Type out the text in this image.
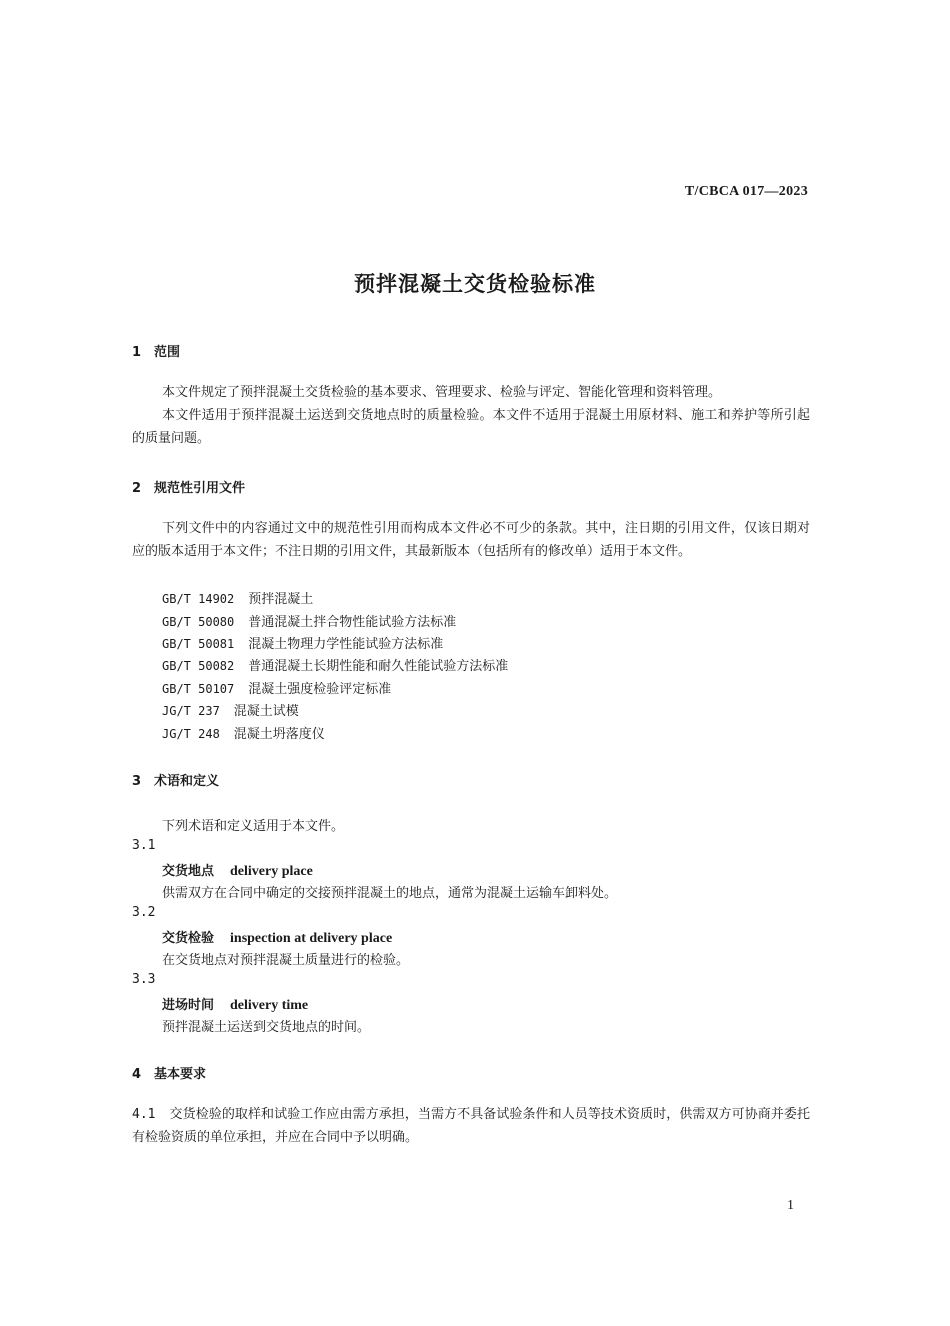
T/CBCA 017—2023
预拌混凝土交货检验标准
1 范围
本文件规定了预拌混凝土交货检验的基本要求、管理要求、检验与评定、智能化管理和资料管理。
本文件适用于预拌混凝土运送到交货地点时的质量检验。本文件不适用于混凝土用原材料、施工和养护等所引起的质量问题。
2 规范性引用文件
下列文件中的内容通过文中的规范性引用而构成本文件必不可少的条款。其中，注日期的引用文件，仅该日期对应的版本适用于本文件；不注日期的引用文件，其最新版本（包括所有的修改单）适用于本文件。
GB/T 14902 预拌混凝土
GB/T 50080 普通混凝土拌合物性能试验方法标准
GB/T 50081 混凝土物理力学性能试验方法标准
GB/T 50082 普通混凝土长期性能和耐久性能试验方法标准
GB/T 50107 混凝土强度检验评定标准
JG/T 237 混凝土试模
JG/T 248 混凝土坍落度仪
3 术语和定义
下列术语和定义适用于本文件。
3.1
交货地点 delivery place
供需双方在合同中确定的交接预拌混凝土的地点，通常为混凝土运输车卸料处。
3.2
交货检验 inspection at delivery place
在交货地点对预拌混凝土质量进行的检验。
3.3
进场时间 delivery time
预拌混凝土运送到交货地点的时间。
4 基本要求
4.1 交货检验的取样和试验工作应由需方承担，当需方不具备试验条件和人员等技术资质时，供需双方可协商并委托有检验资质的单位承担，并应在合同中予以明确。
1
